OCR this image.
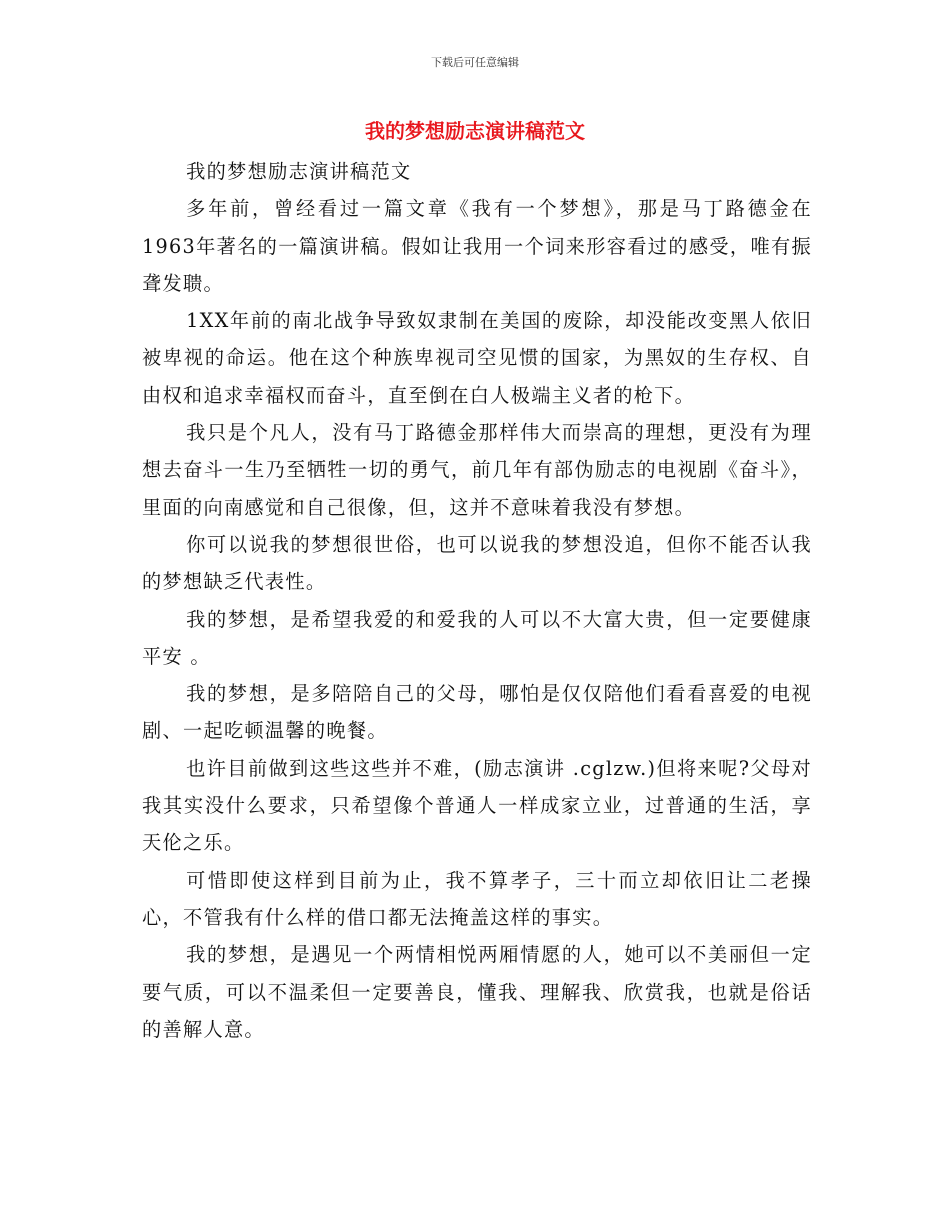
下载后可任意编辑
我的梦想励志演讲稿范文

我的梦想励志演讲稿范文

多年前，曾经看过一篇文章《我有一个梦想》，那是马丁路德金在1963年著名的一篇演讲稿。假如让我用一个词来形容看过的感受，唯有振聋发聩。

1XX年前的南北战争导致奴隶制在美国的废除，却没能改变黑人依旧被卑视的命运。他在这个种族卑视司空见惯的国家，为黑奴的生存权、自由权和追求幸福权而奋斗，直至倒在白人极端主义者的枪下。

我只是个凡人，没有马丁路德金那样伟大而崇高的理想，更没有为理想去奋斗一生乃至牺牲一切的勇气，前几年有部伪励志的电视剧《奋斗》，里面的向南感觉和自己很像，但，这并不意味着我没有梦想。

你可以说我的梦想很世俗，也可以说我的梦想没追，但你不能否认我的梦想缺乏代表性。

我的梦想，是希望我爱的和爱我的人可以不大富大贵，但一定要健康平安 。

我的梦想，是多陪陪自己的父母，哪怕是仅仅陪他们看看喜爱的电视剧、一起吃顿温馨的晚餐。

也许目前做到这些这些并不难，(励志演讲 .cglzw.)但将来呢?父母对我其实没什么要求，只希望像个普通人一样成家立业，过普通的生活，享天伦之乐。

可惜即使这样到目前为止，我不算孝子，三十而立却依旧让二老操心，不管我有什么样的借口都无法掩盖这样的事实。

我的梦想，是遇见一个两情相悦两厢情愿的人，她可以不美丽但一定要气质，可以不温柔但一定要善良，懂我、理解我、欣赏我，也就是俗话的善解人意。
